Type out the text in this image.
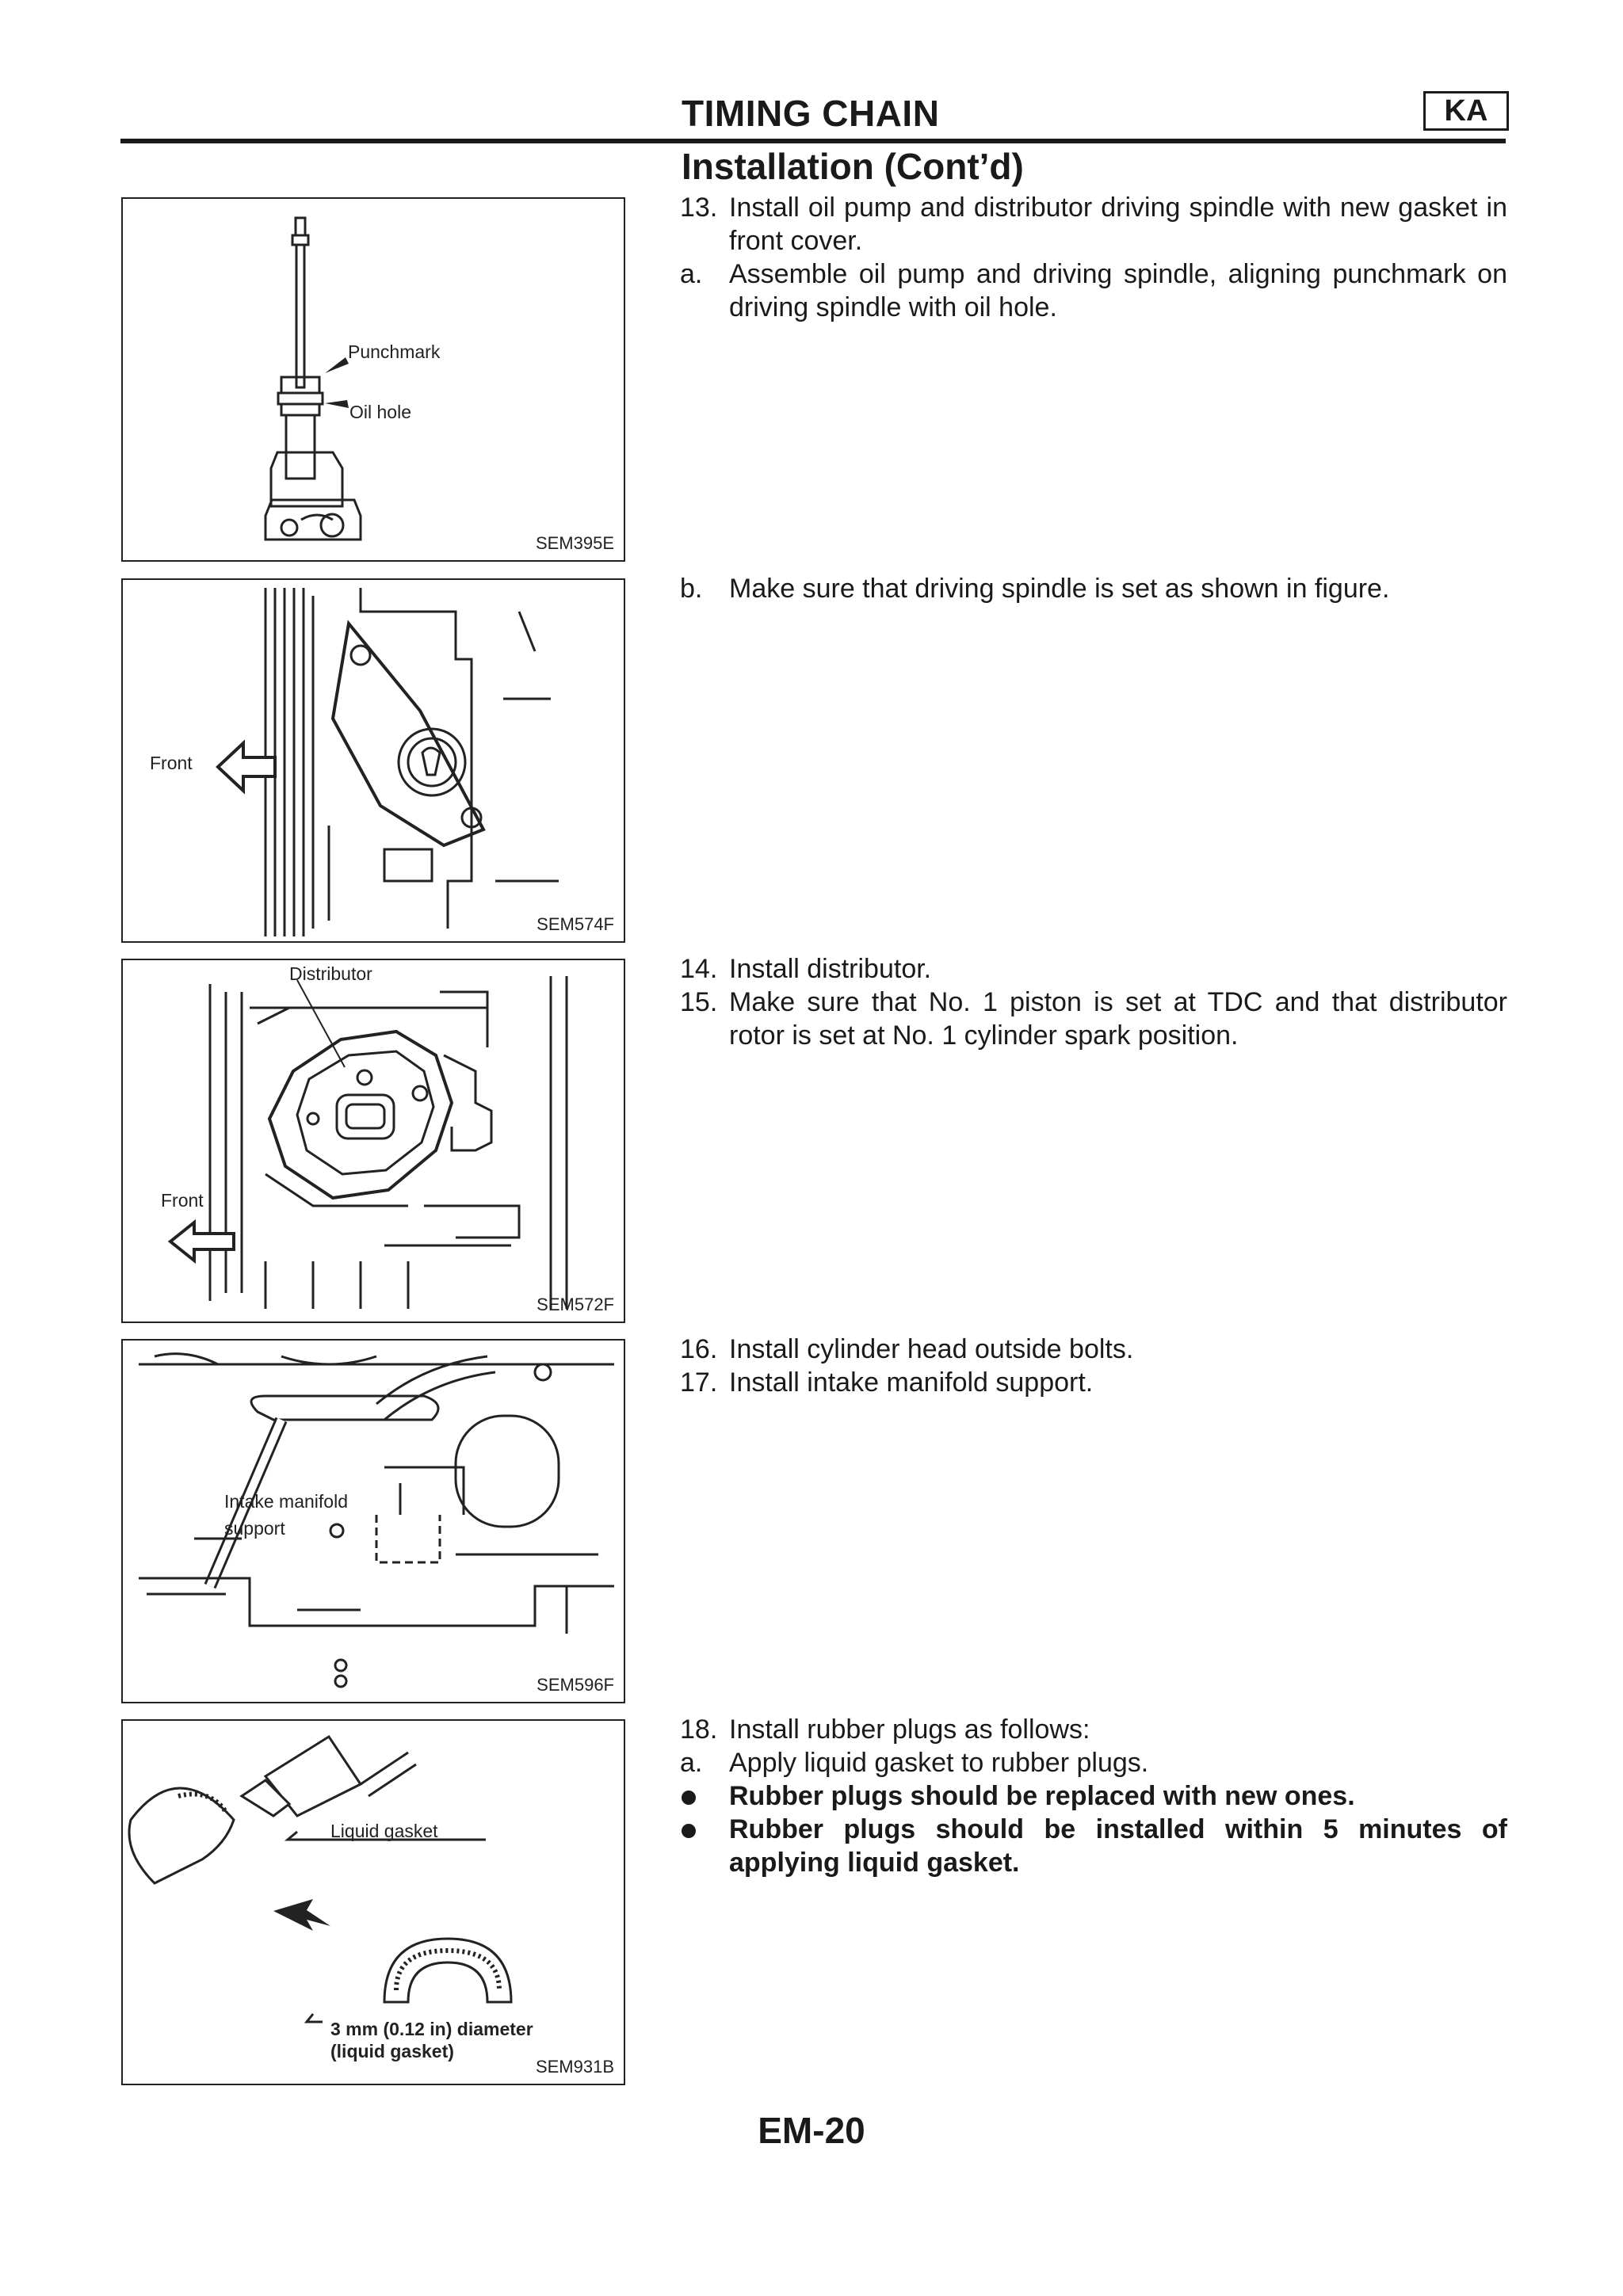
TIMING CHAIN	KA
Installation (Cont’d)
Punchmark
Oil hole
SEM395E
Front
SEM574F
Distributor
Front
SEM572F
Intake manifold
support
SEM596F
Liquid gasket
3 mm (0.12 in) diameter
(liquid gasket)
SEM931B
13. Install oil pump and distributor driving spindle with new gasket in front cover.
a. Assemble oil pump and driving spindle, aligning punchmark on driving spindle with oil hole.
b. Make sure that driving spindle is set as shown in figure.
14. Install distributor.
15. Make sure that No. 1 piston is set at TDC and that distributor rotor is set at No. 1 cylinder spark position.
16. Install cylinder head outside bolts.
17. Install intake manifold support.
18. Install rubber plugs as follows:
a. Apply liquid gasket to rubber plugs.
Rubber plugs should be replaced with new ones.
Rubber plugs should be installed within 5 minutes of applying liquid gasket.
EM-20
